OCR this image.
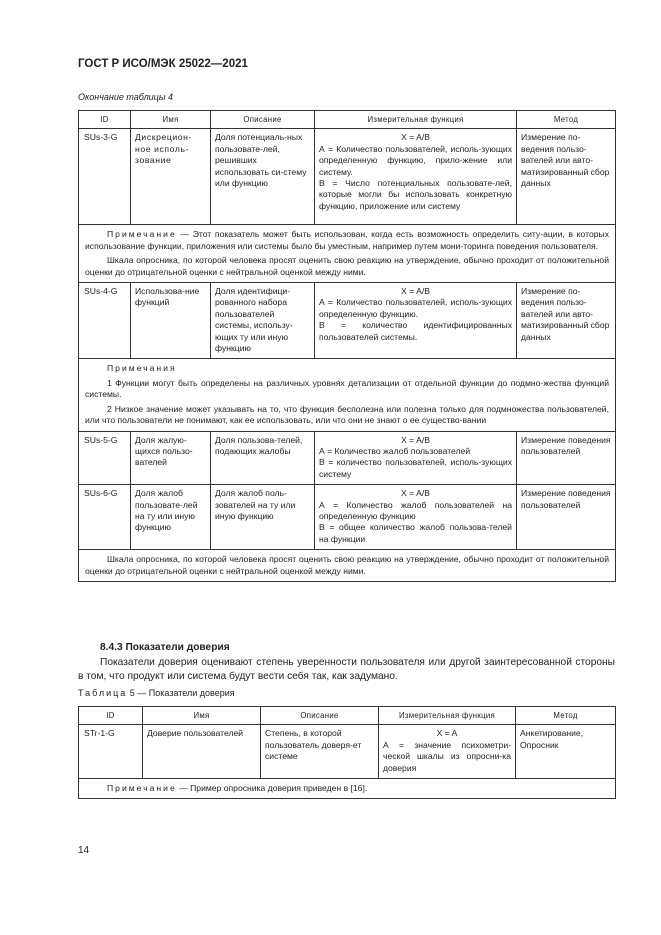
ГОСТ Р ИСО/МЭК 25022—2021
Окончание таблицы 4
ID	Имя	Описание	Измерительная функция	Метод
SUs-3-G	Дискрецион-ное исполь-зование	Доля потенциаль-ных пользовате-лей, решивших использовать си-стему или функцию	X = A/B
А = Количество пользователей, исполь-зующих определенную функцию, прило-жение или систему.
В = Число потенциальных пользовате-лей, которые могли бы использовать конкретную функцию, приложение или систему	Измерение по-ведения пользо-вателей или авто-матизированный сбор данных

Примечание — Этот показатель может быть использован, когда есть возможность определить ситу-ации, в которых использование функции, приложения или системы было бы уместным, например путем мони-торинга поведения пользователя.

Шкала опросника, по которой человека просят оценить свою реакцию на утверждение, обычно проходит от положительной оценки до отрицательной оценки с нейтральной оценкой между ними.				

SUs-4-G	Использова-ние функций	Доля идентифици-рованного набора пользователей системы, использу-ющих ту или иную функцию	X = A/B
А = Количество пользователей, исполь-зующих определенную функцию.
В = количество идентифицированных пользователей системы.	Измерение по-ведения пользо-вателей или авто-матизированный сбор данных

Примечания

1 Функции могут быть определены на различных уровнях детализации от отдельной функции до подмно-жества функций системы.

2 Низкое значение может указывать на то, что функция бесполезна или полезна только для подмножества пользователей, или что пользователи не понимают, как ее использовать, или что они не знают о ее существо-вании				

SUs-5-G	Доля жалую-щихся пользо-вателей	Доля пользова-телей, подающих жалобы	X = A/B
А = Количество жалоб пользователей
В = количество пользователей, исполь-зующих систему	Измерение поведения пользователей
SUs-6-G	Доля жалоб пользовате-лей на ту или иную функцию	Доля жалоб поль-зователей на ту или иную функцию	X = A/B
А = Количество жалоб пользователей на определенную функцию
В = общее количество жалоб пользова-телей на функции	Измерение поведения пользователей

Шкала опросника, по которой человека просят оценить свою реакцию на утверждение, обычно проходит от положительной оценки до отрицательной оценки с нейтральной оценкой между ними.				

8.4.3 Показатели доверия
Показатели доверия оценивают степень уверенности пользователя или другой заинтересованной стороны в том, что продукт или система будут вести себя так, как задумано.
Таблица 5 — Показатели доверия
ID	Имя	Описание	Измерительная функция	Метод
STr-1-G	Доверие пользователей	Степень, в которой пользователь доверя-ет системе	X = A
А = значение психометри-ческой шкалы из опросни-ка доверия	Анкетирование, Опросник

Примечание — Пример опросника доверия приведен в [16].				

14
